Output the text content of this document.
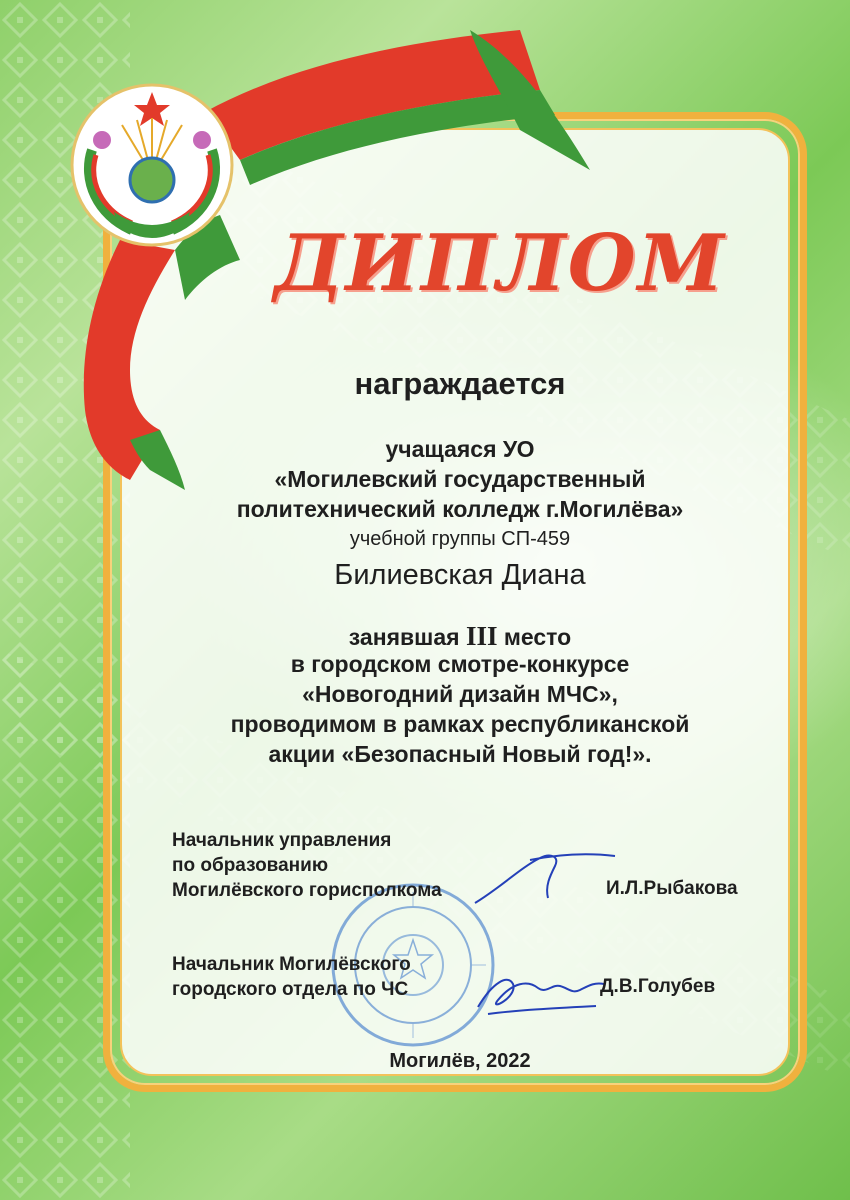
ДИПЛОМ
награждается
учащаяся УО
«Могилевский государственный
политехнический колледж г.Могилёва»
учебной группы СП-459
Билиевская Диана
занявшая III место
в городском смотре-конкурсе
«Новогодний дизайн МЧС»,
проводимом в рамках республиканской
акции «Безопасный Новый год!».
Начальник управления
по образованию
Могилёвского горисполкома	И.Л.Рыбакова
Начальник Могилёвского
городского отдела по ЧС	Д.В.Голубев
Могилёв, 2022
